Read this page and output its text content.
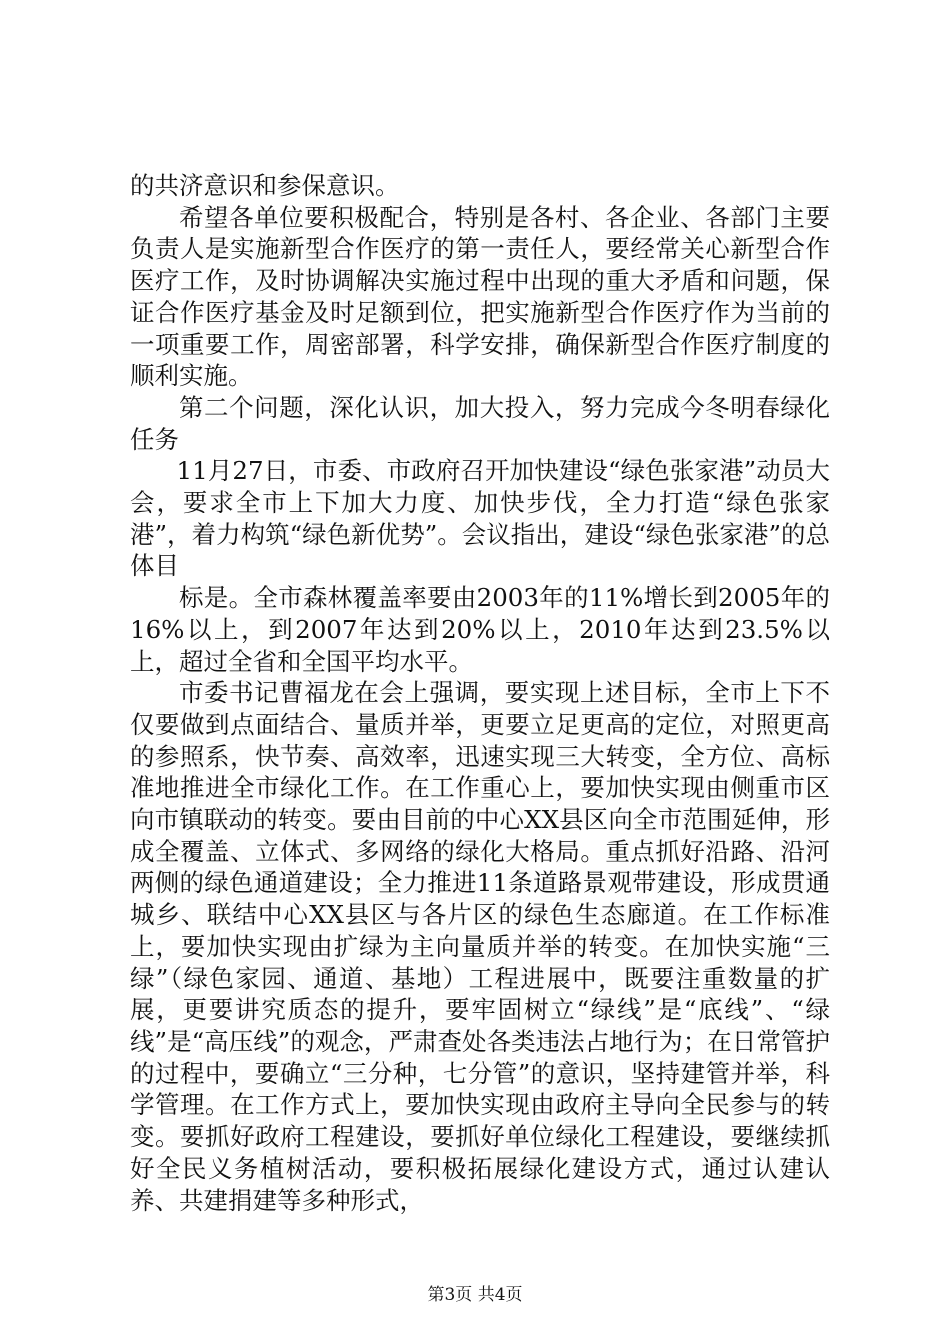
的共济意识和参保意识。

希望各单位要积极配合，特别是各村、各企业、各部门主要负责人是实施新型合作医疗的第一责任人，要经常关心新型合作医疗工作，及时协调解决实施过程中出现的重大矛盾和问题，保证合作医疗基金及时足额到位，把实施新型合作医疗作为当前的一项重要工作，周密部署，科学安排，确保新型合作医疗制度的顺利实施。

第二个问题，深化认识，加大投入，努力完成今冬明春绿化任务

11月27日，市委、市政府召开加快建设“绿色张家港”动员大会，要求全市上下加大力度、加快步伐，全力打造“绿色张家港”，着力构筑“绿色新优势”。会议指出，建设“绿色张家港”的总体目

标是。全市森林覆盖率要由2003年的11%增长到2005年的16%以上，到2007年达到20%以上，2010年达到23.5%以上，超过全省和全国平均水平。

市委书记曹福龙在会上强调，要实现上述目标，全市上下不仅要做到点面结合、量质并举，更要立足更高的定位，对照更高的参照系，快节奏、高效率，迅速实现三大转变，全方位、高标准地推进全市绿化工作。在工作重心上，要加快实现由侧重市区向市镇联动的转变。要由目前的中心XX县区向全市范围延伸，形成全覆盖、立体式、多网络的绿化大格局。重点抓好沿路、沿河两侧的绿色通道建设；全力推进11条道路景观带建设，形成贯通城乡、联结中心XX县区与各片区的绿色生态廊道。在工作标准上，要加快实现由扩绿为主向量质并举的转变。在加快实施“三绿”（绿色家园、通道、基地）工程进展中，既要注重数量的扩展，更要讲究质态的提升，要牢固树立“绿线”是“底线”、“绿线”是“高压线”的观念，严肃查处各类违法占地行为；在日常管护的过程中，要确立“三分种，七分管”的意识，坚持建管并举，科学管理。在工作方式上，要加快实现由政府主导向全民参与的转变。要抓好政府工程建设，要抓好单位绿化工程建设，要继续抓好全民义务植树活动，要积极拓展绿化建设方式，通过认建认养、共建捐建等多种形式，

第3页 共4页
